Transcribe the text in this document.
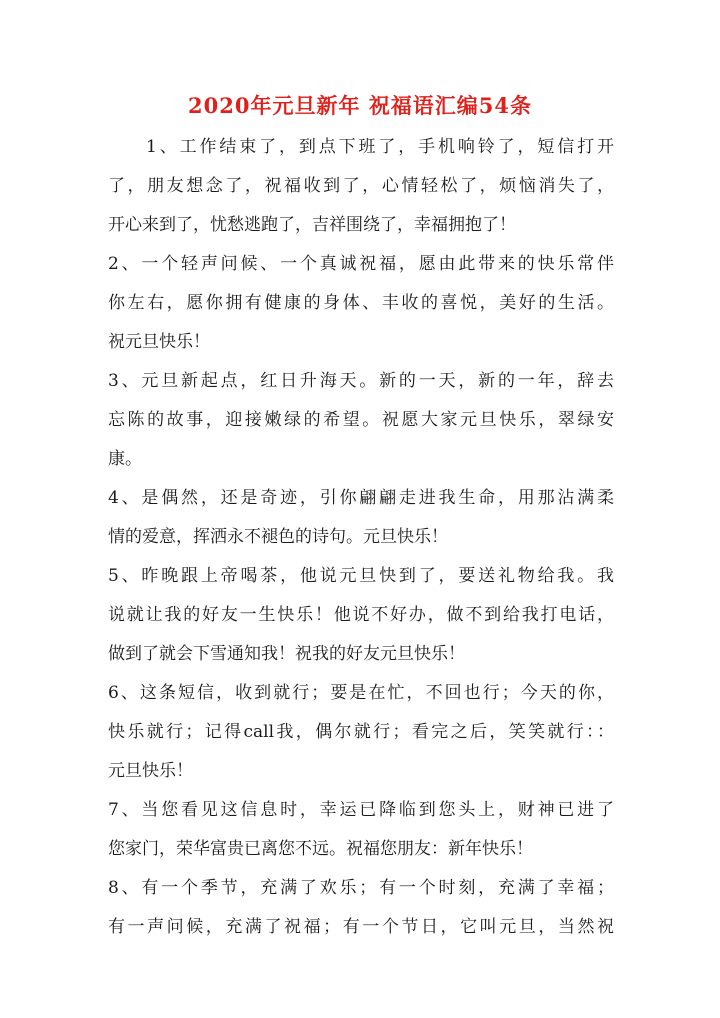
2020年元旦新年 祝福语汇编54条
1、工作结束了，到点下班了，手机响铃了，短信打开
了，朋友想念了，祝福收到了，心情轻松了，烦恼消失了，
开心来到了，忧愁逃跑了，吉祥围绕了，幸福拥抱了！
2、一个轻声问候、一个真诚祝福，愿由此带来的快乐常伴
你左右，愿你拥有健康的身体、丰收的喜悦，美好的生活。
祝元旦快乐！
3、元旦新起点，红日升海天。新的一天，新的一年，辞去
忘陈的故事，迎接嫩绿的希望。祝愿大家元旦快乐，翠绿安
康。
4、是偶然，还是奇迹，引你翩翩走进我生命，用那沾满柔
情的爱意，挥洒永不褪色的诗句。元旦快乐！
5、昨晚跟上帝喝茶，他说元旦快到了，要送礼物给我。我
说就让我的好友一生快乐！他说不好办，做不到给我打电话，
做到了就会下雪通知我！祝我的好友元旦快乐！
6、这条短信，收到就行；要是在忙，不回也行；今天的你，
快乐就行；记得call我，偶尔就行；看完之后，笑笑就行：：
元旦快乐！
7、当您看见这信息时，幸运已降临到您头上，财神已进了
您家门，荣华富贵已离您不远。祝福您朋友：新年快乐！
8、有一个季节，充满了欢乐；有一个时刻，充满了幸福；
有一声问候，充满了祝福；有一个节日，它叫元旦，当然祝
